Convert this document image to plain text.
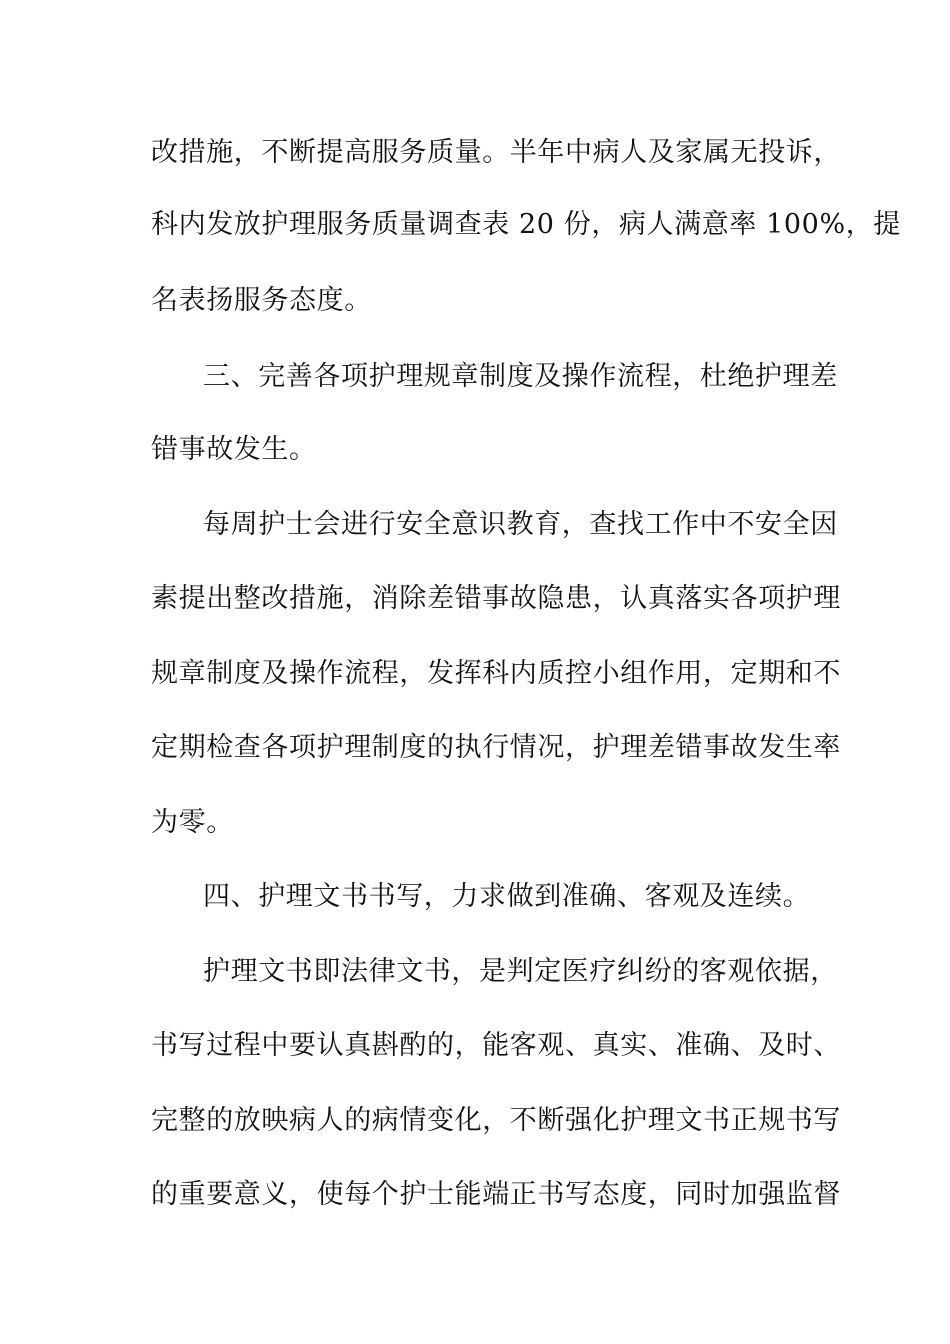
改措施，不断提高服务质量。半年中病人及家属无投诉，
科内发放护理服务质量调查表 20 份，病人满意率 100%，提
名表扬服务态度。
三、完善各项护理规章制度及操作流程，杜绝护理差
错事故发生。
每周护士会进行安全意识教育，查找工作中不安全因
素提出整改措施，消除差错事故隐患，认真落实各项护理
规章制度及操作流程，发挥科内质控小组作用，定期和不
定期检查各项护理制度的执行情况，护理差错事故发生率
为零。
四、护理文书书写，力求做到准确、客观及连续。
护理文书即法律文书，是判定医疗纠纷的客观依据，
书写过程中要认真斟酌的，能客观、真实、准确、及时、
完整的放映病人的病情变化，不断强化护理文书正规书写
的重要意义，使每个护士能端正书写态度，同时加强监督
